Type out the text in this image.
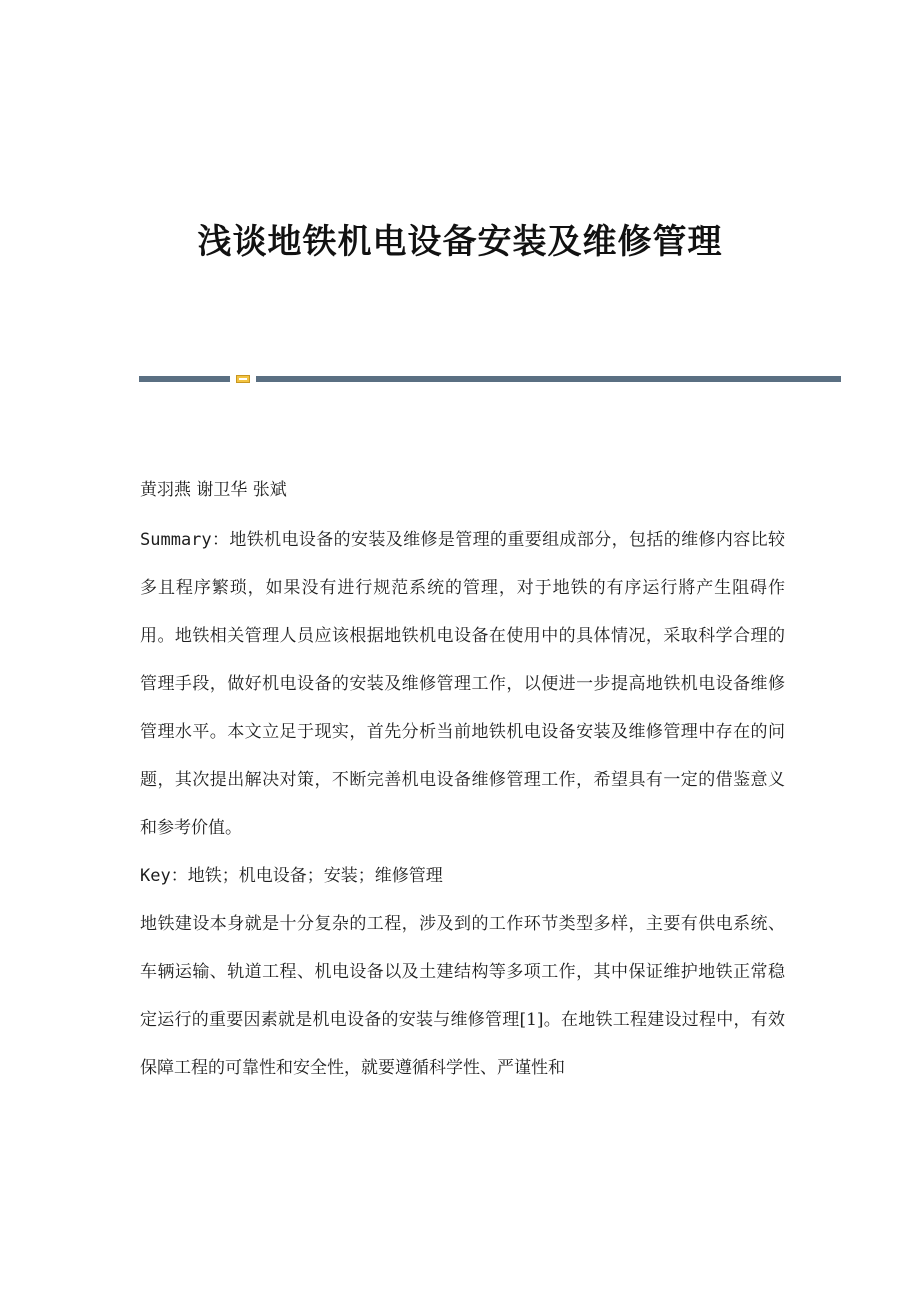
浅谈地铁机电设备安装及维修管理

黄羽燕 谢卫华 张斌

Summary：地铁机电设备的安装及维修是管理的重要组成部分，包括的维修内容比较多且程序繁琐，如果没有进行规范系统的管理，对于地铁的有序运行將产生阻碍作用。地铁相关管理人员应该根据地铁机电设备在使用中的具体情况，采取科学合理的管理手段，做好机电设备的安装及维修管理工作，以便进一步提高地铁机电设备维修管理水平。本文立足于现实，首先分析当前地铁机电设备安装及维修管理中存在的问题，其次提出解决对策，不断完善机电设备维修管理工作，希望具有一定的借鉴意义和参考价值。

Key：地铁；机电设备；安装；维修管理

地铁建设本身就是十分复杂的工程，涉及到的工作环节类型多样，主要有供电系统、车辆运输、轨道工程、机电设备以及土建结构等多项工作，其中保证维护地铁正常稳定运行的重要因素就是机电设备的安装与维修管理[1]。在地铁工程建设过程中，有效保障工程的可靠性和安全性，就要遵循科学性、严谨性和
